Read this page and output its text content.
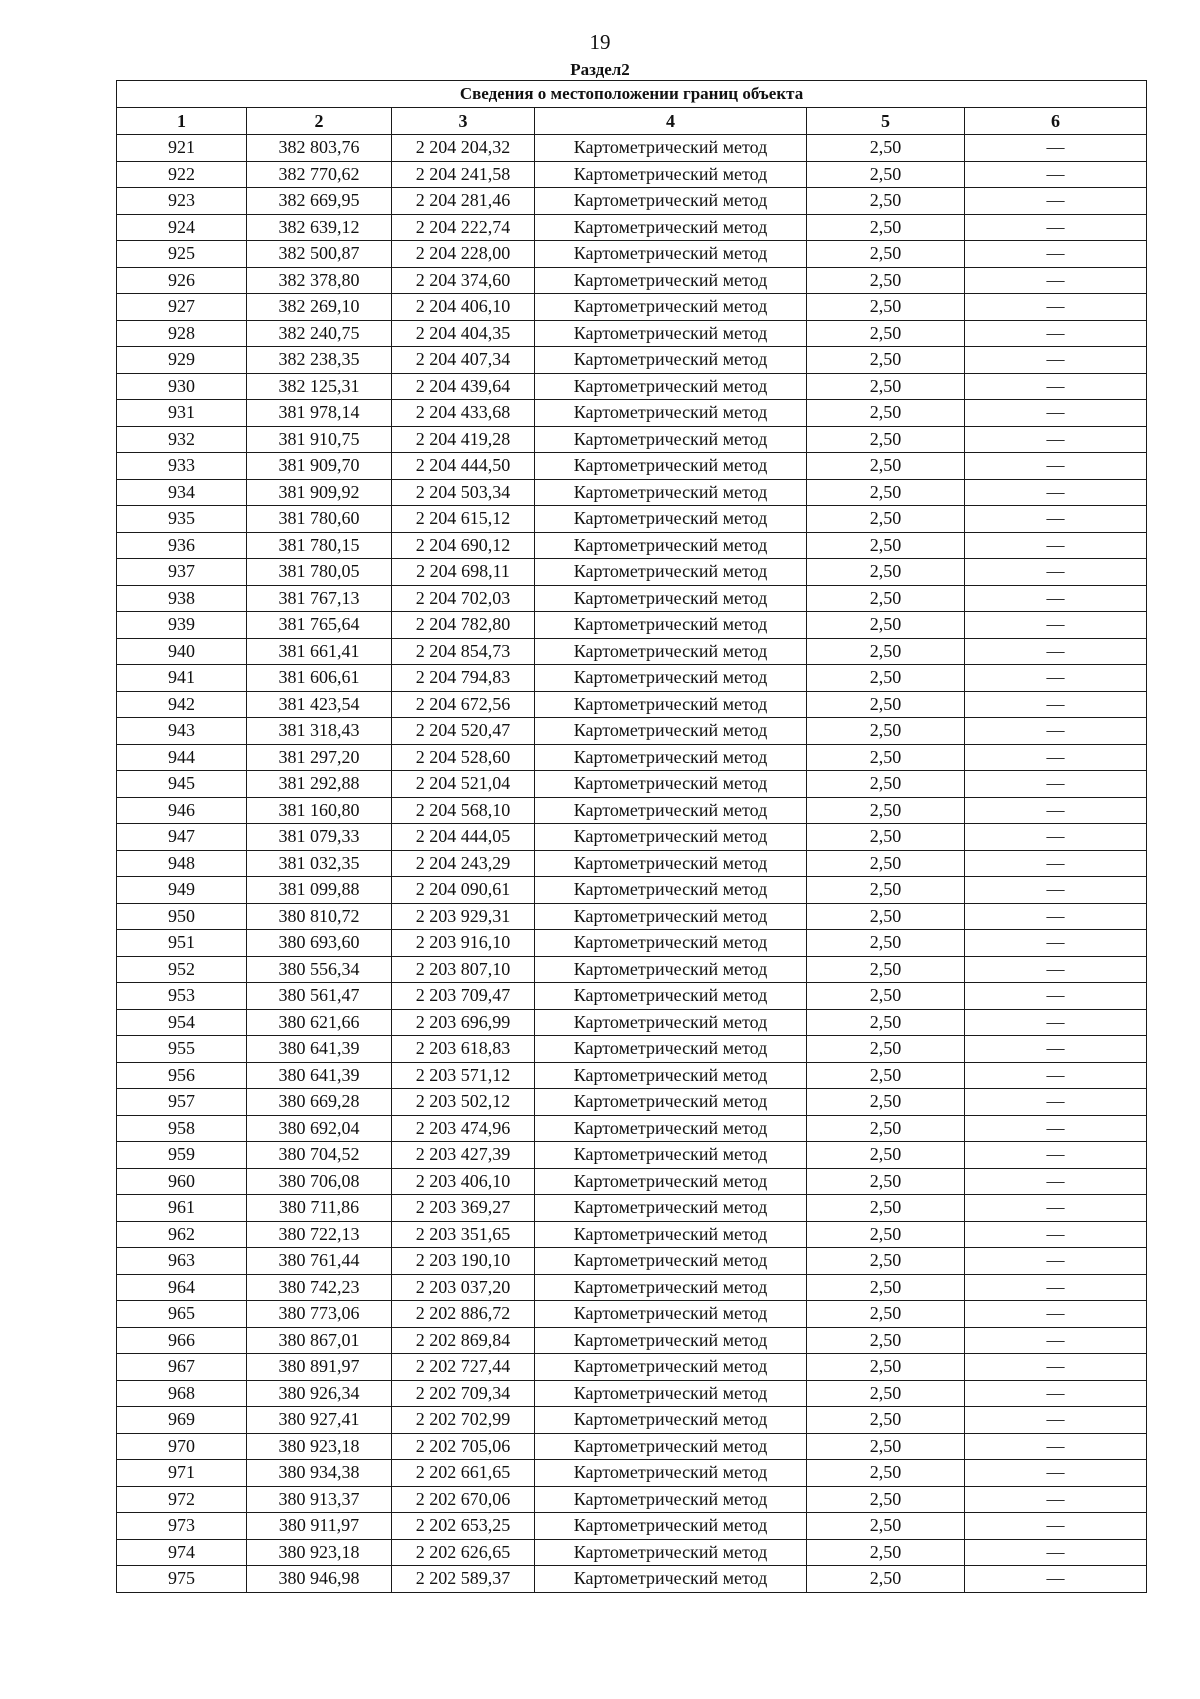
19
Раздел2
Сведения о местоположении границ объекта					
1	2	3	4	5	6
921	382 803,76	2 204 204,32	Картометрический метод	2,50	—
922	382 770,62	2 204 241,58	Картометрический метод	2,50	—
923	382 669,95	2 204 281,46	Картометрический метод	2,50	—
924	382 639,12	2 204 222,74	Картометрический метод	2,50	—
925	382 500,87	2 204 228,00	Картометрический метод	2,50	—
926	382 378,80	2 204 374,60	Картометрический метод	2,50	—
927	382 269,10	2 204 406,10	Картометрический метод	2,50	—
928	382 240,75	2 204 404,35	Картометрический метод	2,50	—
929	382 238,35	2 204 407,34	Картометрический метод	2,50	—
930	382 125,31	2 204 439,64	Картометрический метод	2,50	—
931	381 978,14	2 204 433,68	Картометрический метод	2,50	—
932	381 910,75	2 204 419,28	Картометрический метод	2,50	—
933	381 909,70	2 204 444,50	Картометрический метод	2,50	—
934	381 909,92	2 204 503,34	Картометрический метод	2,50	—
935	381 780,60	2 204 615,12	Картометрический метод	2,50	—
936	381 780,15	2 204 690,12	Картометрический метод	2,50	—
937	381 780,05	2 204 698,11	Картометрический метод	2,50	—
938	381 767,13	2 204 702,03	Картометрический метод	2,50	—
939	381 765,64	2 204 782,80	Картометрический метод	2,50	—
940	381 661,41	2 204 854,73	Картометрический метод	2,50	—
941	381 606,61	2 204 794,83	Картометрический метод	2,50	—
942	381 423,54	2 204 672,56	Картометрический метод	2,50	—
943	381 318,43	2 204 520,47	Картометрический метод	2,50	—
944	381 297,20	2 204 528,60	Картометрический метод	2,50	—
945	381 292,88	2 204 521,04	Картометрический метод	2,50	—
946	381 160,80	2 204 568,10	Картометрический метод	2,50	—
947	381 079,33	2 204 444,05	Картометрический метод	2,50	—
948	381 032,35	2 204 243,29	Картометрический метод	2,50	—
949	381 099,88	2 204 090,61	Картометрический метод	2,50	—
950	380 810,72	2 203 929,31	Картометрический метод	2,50	—
951	380 693,60	2 203 916,10	Картометрический метод	2,50	—
952	380 556,34	2 203 807,10	Картометрический метод	2,50	—
953	380 561,47	2 203 709,47	Картометрический метод	2,50	—
954	380 621,66	2 203 696,99	Картометрический метод	2,50	—
955	380 641,39	2 203 618,83	Картометрический метод	2,50	—
956	380 641,39	2 203 571,12	Картометрический метод	2,50	—
957	380 669,28	2 203 502,12	Картометрический метод	2,50	—
958	380 692,04	2 203 474,96	Картометрический метод	2,50	—
959	380 704,52	2 203 427,39	Картометрический метод	2,50	—
960	380 706,08	2 203 406,10	Картометрический метод	2,50	—
961	380 711,86	2 203 369,27	Картометрический метод	2,50	—
962	380 722,13	2 203 351,65	Картометрический метод	2,50	—
963	380 761,44	2 203 190,10	Картометрический метод	2,50	—
964	380 742,23	2 203 037,20	Картометрический метод	2,50	—
965	380 773,06	2 202 886,72	Картометрический метод	2,50	—
966	380 867,01	2 202 869,84	Картометрический метод	2,50	—
967	380 891,97	2 202 727,44	Картометрический метод	2,50	—
968	380 926,34	2 202 709,34	Картометрический метод	2,50	—
969	380 927,41	2 202 702,99	Картометрический метод	2,50	—
970	380 923,18	2 202 705,06	Картометрический метод	2,50	—
971	380 934,38	2 202 661,65	Картометрический метод	2,50	—
972	380 913,37	2 202 670,06	Картометрический метод	2,50	—
973	380 911,97	2 202 653,25	Картометрический метод	2,50	—
974	380 923,18	2 202 626,65	Картометрический метод	2,50	—
975	380 946,98	2 202 589,37	Картометрический метод	2,50	—
